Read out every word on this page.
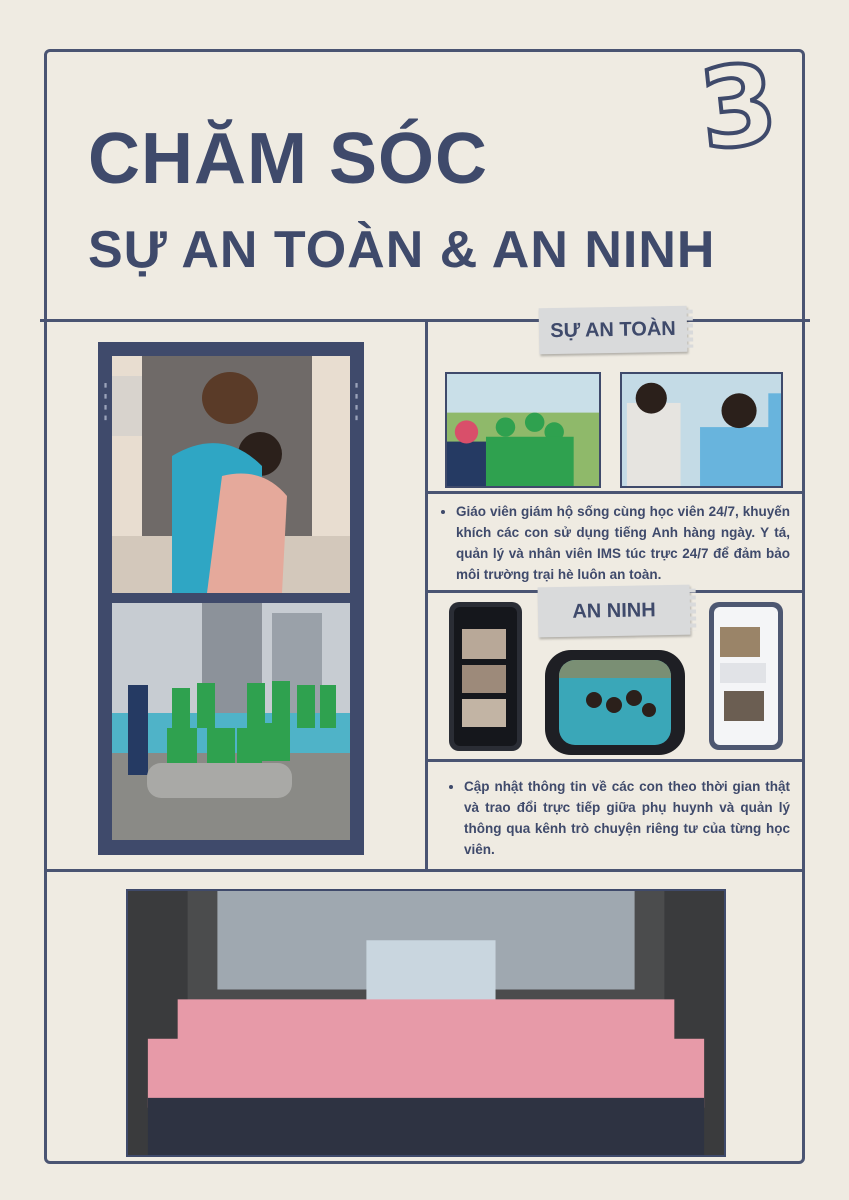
3
CHĂM SÓC
SỰ AN TOÀN & AN NINH
▮ ▮ ▮ ▮	▮ ▮ ▮ ▮
SỰ AN TOÀN
• Giáo viên giám hộ sống cùng học viên 24/7, khuyến khích các con sử dụng tiếng Anh hàng ngày. Y tá, quản lý và nhân viên IMS túc trực 24/7 để đảm bảo môi trường trại hè luôn an toàn.
AN NINH
• Cập nhật thông tin về các con theo thời gian thật và trao đổi trực tiếp giữa phụ huynh và quản lý thông qua kênh trò chuyện riêng tư của từng học viên.
